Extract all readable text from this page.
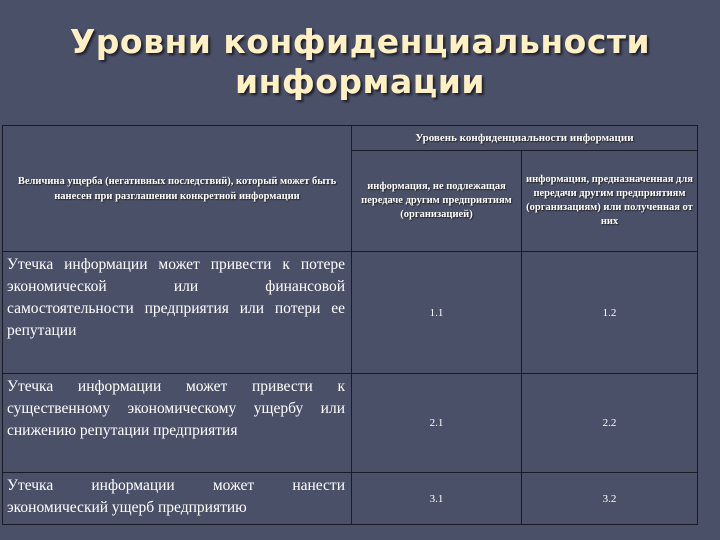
Уровни конфиденциальности
информации
Величина ущерба (негативных последствий), который может быть нанесен при разглашении конкретной информации	Уровень конфиденциальности информации	
	информация, не подлежащая передаче другим предприятиям (организацией)	информация, предназначенная для передачи другим предприятиям (организациям) или полученная от них
Утечка информации может привести к потере экономической или финансовой самостоятельности предприятия или потери ее репутации	1.1	1.2
Утечка информации может привести к существенному экономическому ущербу или снижению репутации предприятия	2.1	2.2
Утечка информации может нанести экономический ущерб предприятию	3.1	3.2
